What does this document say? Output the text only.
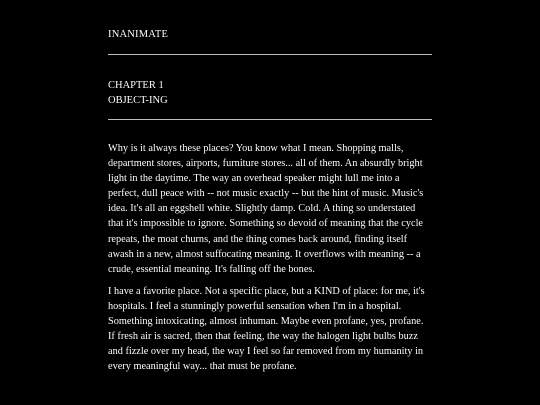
INANIMATE
CHAPTER 1
OBJECT-ING

Why is it always these places? You know what I mean. Shopping malls, department stores, airports, furniture stores... all of them. An absurdly bright light in the daytime. The way an overhead speaker might lull me into a perfect, dull peace with -- not music exactly -- but the hint of music. Music's idea. It's all an eggshell white. Slightly damp. Cold. A thing so understated that it's impossible to ignore. Something so devoid of meaning that the cycle repeats, the moat churns, and the thing comes back around, finding itself awash in a new, almost suffocating meaning. It overflows with meaning -- a crude, essential meaning. It's falling off the bones.

I have a favorite place. Not a specific place, but a KIND of place: for me, it's hospitals. I feel a stunningly powerful sensation when I'm in a hospital. Something intoxicating, almost inhuman. Maybe even profane, yes, profane. If fresh air is sacred, then that feeling, the way the halogen light bulbs buzz and fizzle over my head, the way I feel so far removed from my humanity in every meaningful way... that must be profane.
